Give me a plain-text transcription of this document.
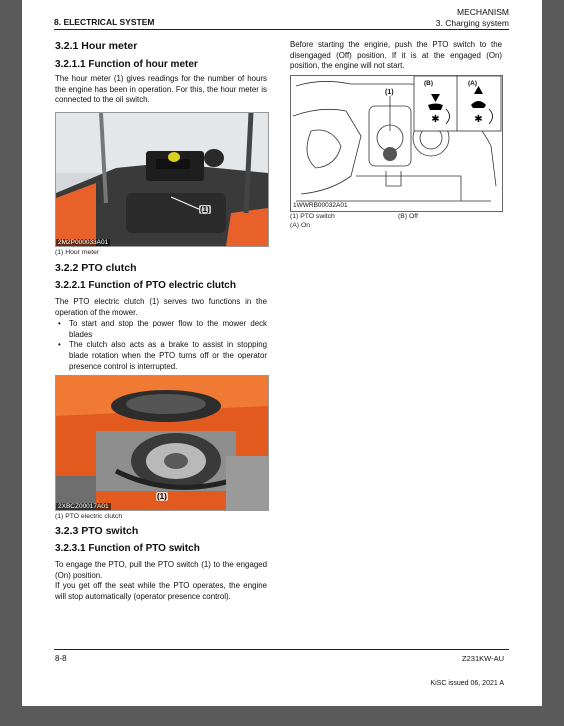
8. ELECTRICAL SYSTEM
MECHANISM
3. Charging system
3.2.1 Hour meter
3.2.1.1 Function of hour meter

The hour meter (1) gives readings for the number of hours the engine has been in operation. For this, the hour meter is connected to the oil switch.

(1)
2M2P000033A01
(1) Hour meter
3.2.2 PTO clutch
3.2.2.1 Function of PTO electric clutch

The PTO electric clutch (1) serves two functions in the operation of the mower.

• To start and stop the power flow to the mower deck blades
• The clutch also acts as a brake to assist in stopping blade rotation when the PTO turns off or the operator presence control is interrupted.
(1)
2XBCZ00017A01
(1) PTO electric clutch
3.2.3 PTO switch
3.2.3.1 Function of PTO switch

To engage the PTO, pull the PTO switch (1) to the engaged (On) position.

If you get off the seat while the PTO operates, the engine will stop automatically (operator presence control).

Before starting the engine, push the PTO switch to the disengaged (Off) position. If it is at the engaged (On) position, the engine will not start.

✱	✱
(1)
(B)	(A)
1WWRB00032A01
(1) PTO switch	(B) Off
(A) On
8-8	Z231KW-AU
KiSC issued 06, 2021 A
